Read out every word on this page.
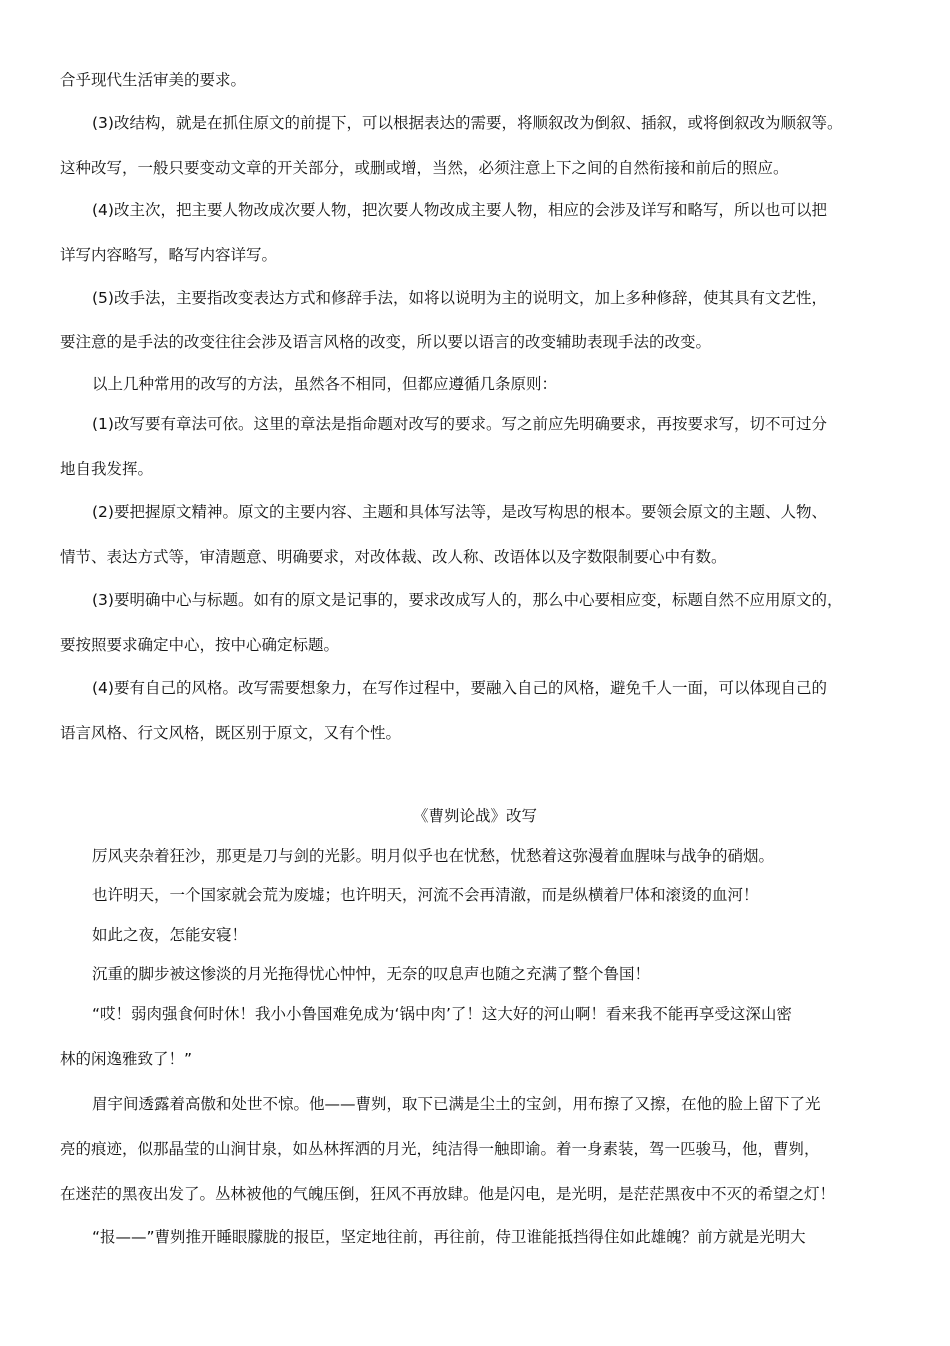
合乎现代生活审美的要求。
(3)改结构，就是在抓住原文的前提下，可以根据表达的需要，将顺叙改为倒叙、插叙，或将倒叙改为顺叙等。
这种改写，一般只要变动文章的开关部分，或删或增，当然，必须注意上下之间的自然衔接和前后的照应。
(4)改主次，把主要人物改成次要人物，把次要人物改成主要人物，相应的会涉及详写和略写，所以也可以把
详写内容略写，略写内容详写。
(5)改手法，主要指改变表达方式和修辞手法，如将以说明为主的说明文，加上多种修辞，使其具有文艺性，
要注意的是手法的改变往往会涉及语言风格的改变，所以要以语言的改变辅助表现手法的改变。
以上几种常用的改写的方法，虽然各不相同，但都应遵循几条原则：
(1)改写要有章法可依。这里的章法是指命题对改写的要求。写之前应先明确要求，再按要求写，切不可过分
地自我发挥。
(2)要把握原文精神。原文的主要内容、主题和具体写法等，是改写构思的根本。要领会原文的主题、人物、
情节、表达方式等，审清题意、明确要求，对改体裁、改人称、改语体以及字数限制要心中有数。
(3)要明确中心与标题。如有的原文是记事的，要求改成写人的，那么中心要相应变，标题自然不应用原文的，
要按照要求确定中心，按中心确定标题。
(4)要有自己的风格。改写需要想象力，在写作过程中，要融入自己的风格，避免千人一面，可以体现自己的
语言风格、行文风格，既区别于原文，又有个性。
《曹刿论战》改写
厉风夹杂着狂沙，那更是刀与剑的光影。明月似乎也在忧愁，忧愁着这弥漫着血腥味与战争的硝烟。
也许明天，一个国家就会荒为废墟；也许明天，河流不会再清澈，而是纵横着尸体和滚烫的血河！
如此之夜，怎能安寝！
沉重的脚步被这惨淡的月光拖得忧心忡忡，无奈的叹息声也随之充满了整个鲁国！
“哎！弱肉强食何时休！我小小鲁国难免成为‘锅中肉’了！这大好的河山啊！看来我不能再享受这深山密
林的闲逸雅致了！”
眉宇间透露着高傲和处世不惊。他——曹刿，取下已满是尘土的宝剑，用布擦了又擦，在他的脸上留下了光
亮的痕迹，似那晶莹的山涧甘泉，如丛林挥洒的月光，纯洁得一触即谕。着一身素装，驾一匹骏马，他，曹刿，
在迷茫的黑夜出发了。丛林被他的气魄压倒，狂风不再放肆。他是闪电，是光明，是茫茫黑夜中不灭的希望之灯！
“报——”曹刿推开睡眼朦胧的报臣，坚定地往前，再往前，侍卫谁能抵挡得住如此雄魄？前方就是光明大
